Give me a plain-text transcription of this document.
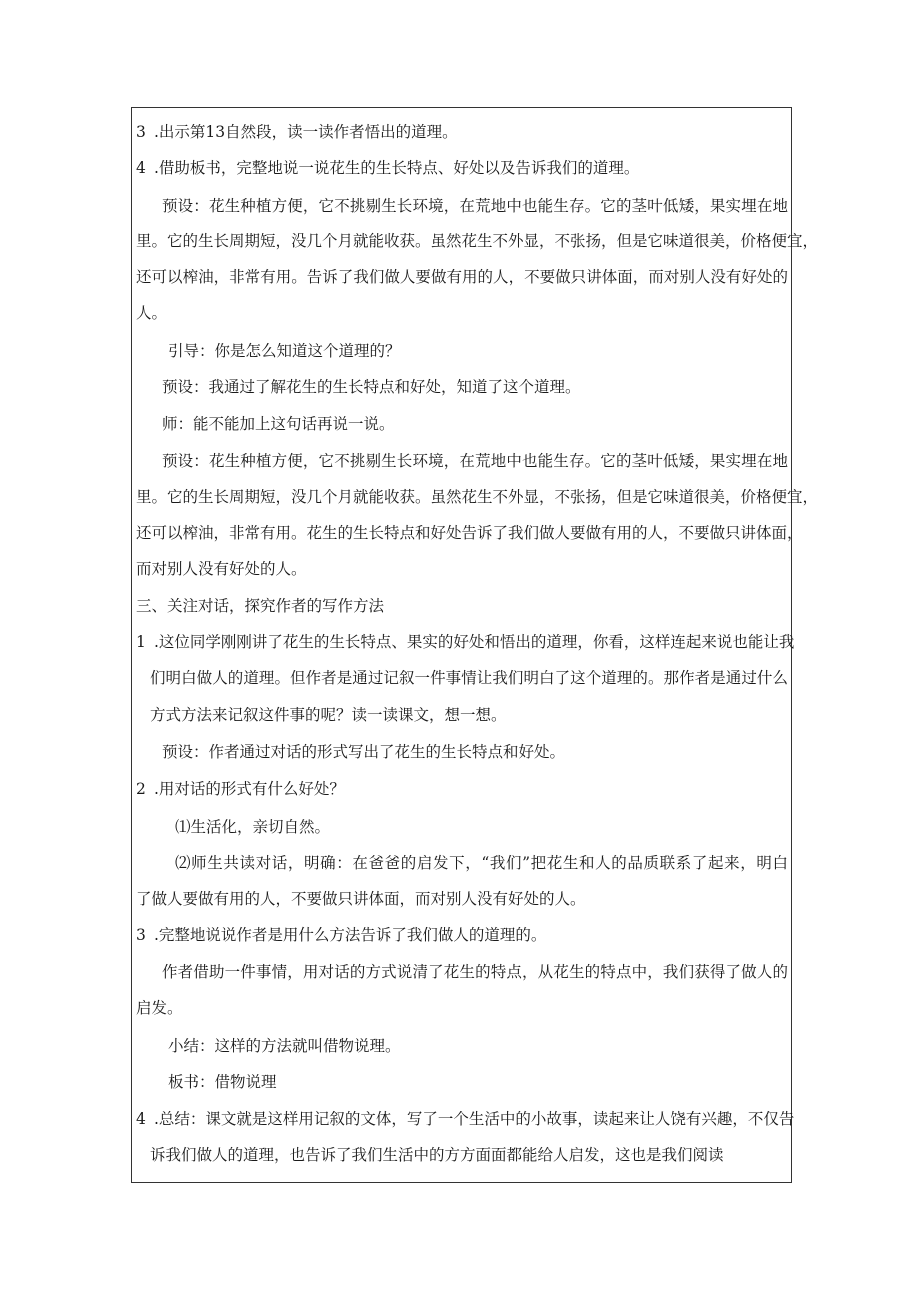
3 .出示第13自然段，读一读作者悟出的道理。
4 .借助板书，完整地说一说花生的生长特点、好处以及告诉我们的道理。
预设：花生种植方便，它不挑剔生长环境，在荒地中也能生存。它的茎叶低矮，果实埋在地
里。它的生长周期短，没几个月就能收获。虽然花生不外显，不张扬，但是它味道很美，价格便宜，
还可以榨油，非常有用。告诉了我们做人要做有用的人，不要做只讲体面，而对别人没有好处的
人。
引导：你是怎么知道这个道理的？
预设：我通过了解花生的生长特点和好处，知道了这个道理。
师：能不能加上这句话再说一说。
预设：花生种植方便，它不挑剔生长环境，在荒地中也能生存。它的茎叶低矮，果实埋在地
里。它的生长周期短，没几个月就能收获。虽然花生不外显，不张扬，但是它味道很美，价格便宜，
还可以榨油，非常有用。花生的生长特点和好处告诉了我们做人要做有用的人，不要做只讲体面，
而对别人没有好处的人。
三、关注对话，探究作者的写作方法
1 .这位同学刚刚讲了花生的生长特点、果实的好处和悟出的道理，你看，这样连起来说也能让我
们明白做人的道理。但作者是通过记叙一件事情让我们明白了这个道理的。那作者是通过什么
方式方法来记叙这件事的呢？读一读课文，想一想。
预设：作者通过对话的形式写出了花生的生长特点和好处。
2 .用对话的形式有什么好处？
⑴生活化，亲切自然。
⑵师生共读对话，明确：在爸爸的启发下，“我们”把花生和人的品质联系了起来，明白
了做人要做有用的人，不要做只讲体面，而对别人没有好处的人。
3 .完整地说说作者是用什么方法告诉了我们做人的道理的。
作者借助一件事情，用对话的方式说清了花生的特点，从花生的特点中，我们获得了做人的
启发。
小结：这样的方法就叫借物说理。
板书：借物说理
4 .总结：课文就是这样用记叙的文体，写了一个生活中的小故事，读起来让人饶有兴趣，不仅告
诉我们做人的道理，也告诉了我们生活中的方方面面都能给人启发，这也是我们阅读
